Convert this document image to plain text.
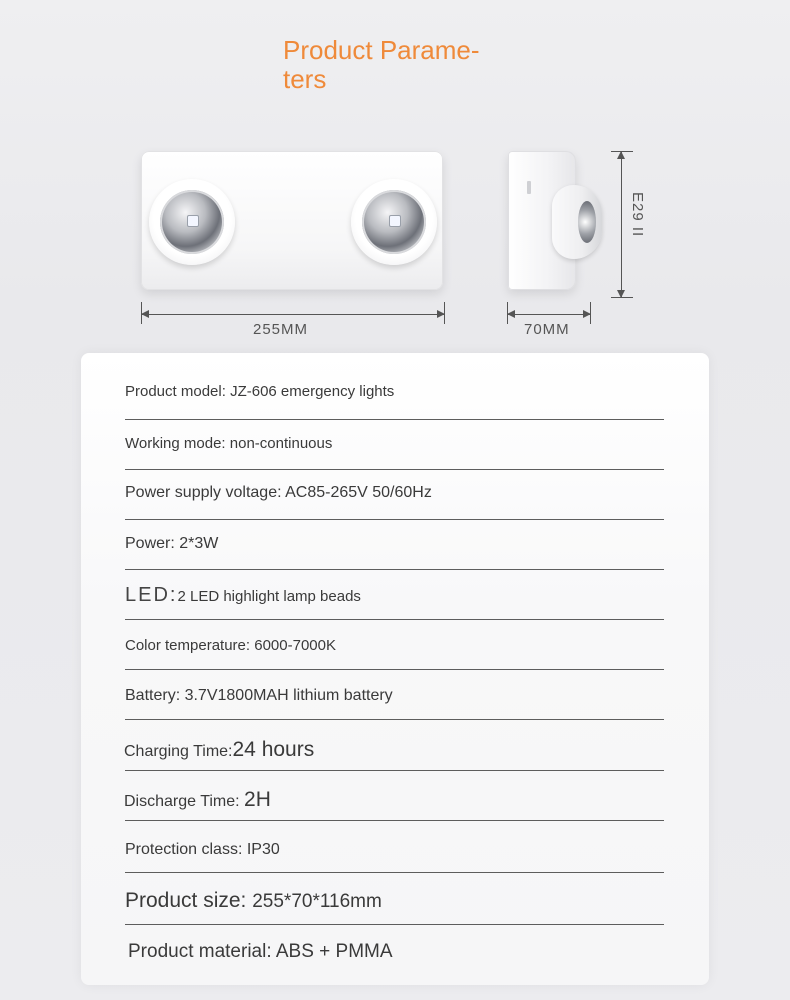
Product Parame-
ters
255MM	70MM
E29 II
Product model: JZ-606 emergency lights
Working mode: non-continuous
Power supply voltage: AC85-265V 50/60Hz
Power: 2*3W
LED:2 LED highlight lamp beads
Color temperature: 6000-7000K
Battery: 3.7V1800MAH lithium battery
Charging Time:24 hours
Discharge Time: 2H
Protection class: IP30
Product size: 255*70*116mm
Product material: ABS + PMMA
